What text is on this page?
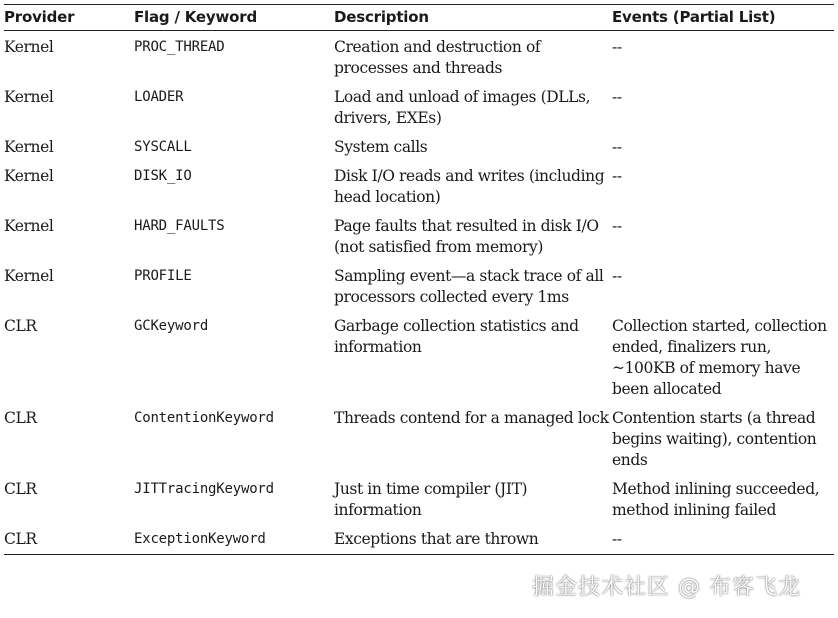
Provider	Flag / Keyword	Description	Events (Partial List)
Kernel	PROC_THREAD	Creation and destruction of processes and threads	--
Kernel	LOADER	Load and unload of images (DLLs, drivers, EXEs)	--
Kernel	SYSCALL	System calls	--
Kernel	DISK_IO	Disk I/O reads and writes (including head location)	--
Kernel	HARD_FAULTS	Page faults that resulted in disk I/O (not satisfied from memory)	--
Kernel	PROFILE	Sampling event—a stack trace of all processors collected every 1ms	--
CLR	GCKeyword	Garbage collection statistics and information	Collection started, collection ended, finalizers run, ~100KB of memory have been allocated
CLR	ContentionKeyword	Threads contend for a managed lock	Contention starts (a thread begins waiting), contention ends
CLR	JITTracingKeyword	Just in time compiler (JIT) information	Method inlining succeeded, method inlining failed
CLR	ExceptionKeyword	Exceptions that are thrown	--
掘金技术社区 @ 布客飞龙
